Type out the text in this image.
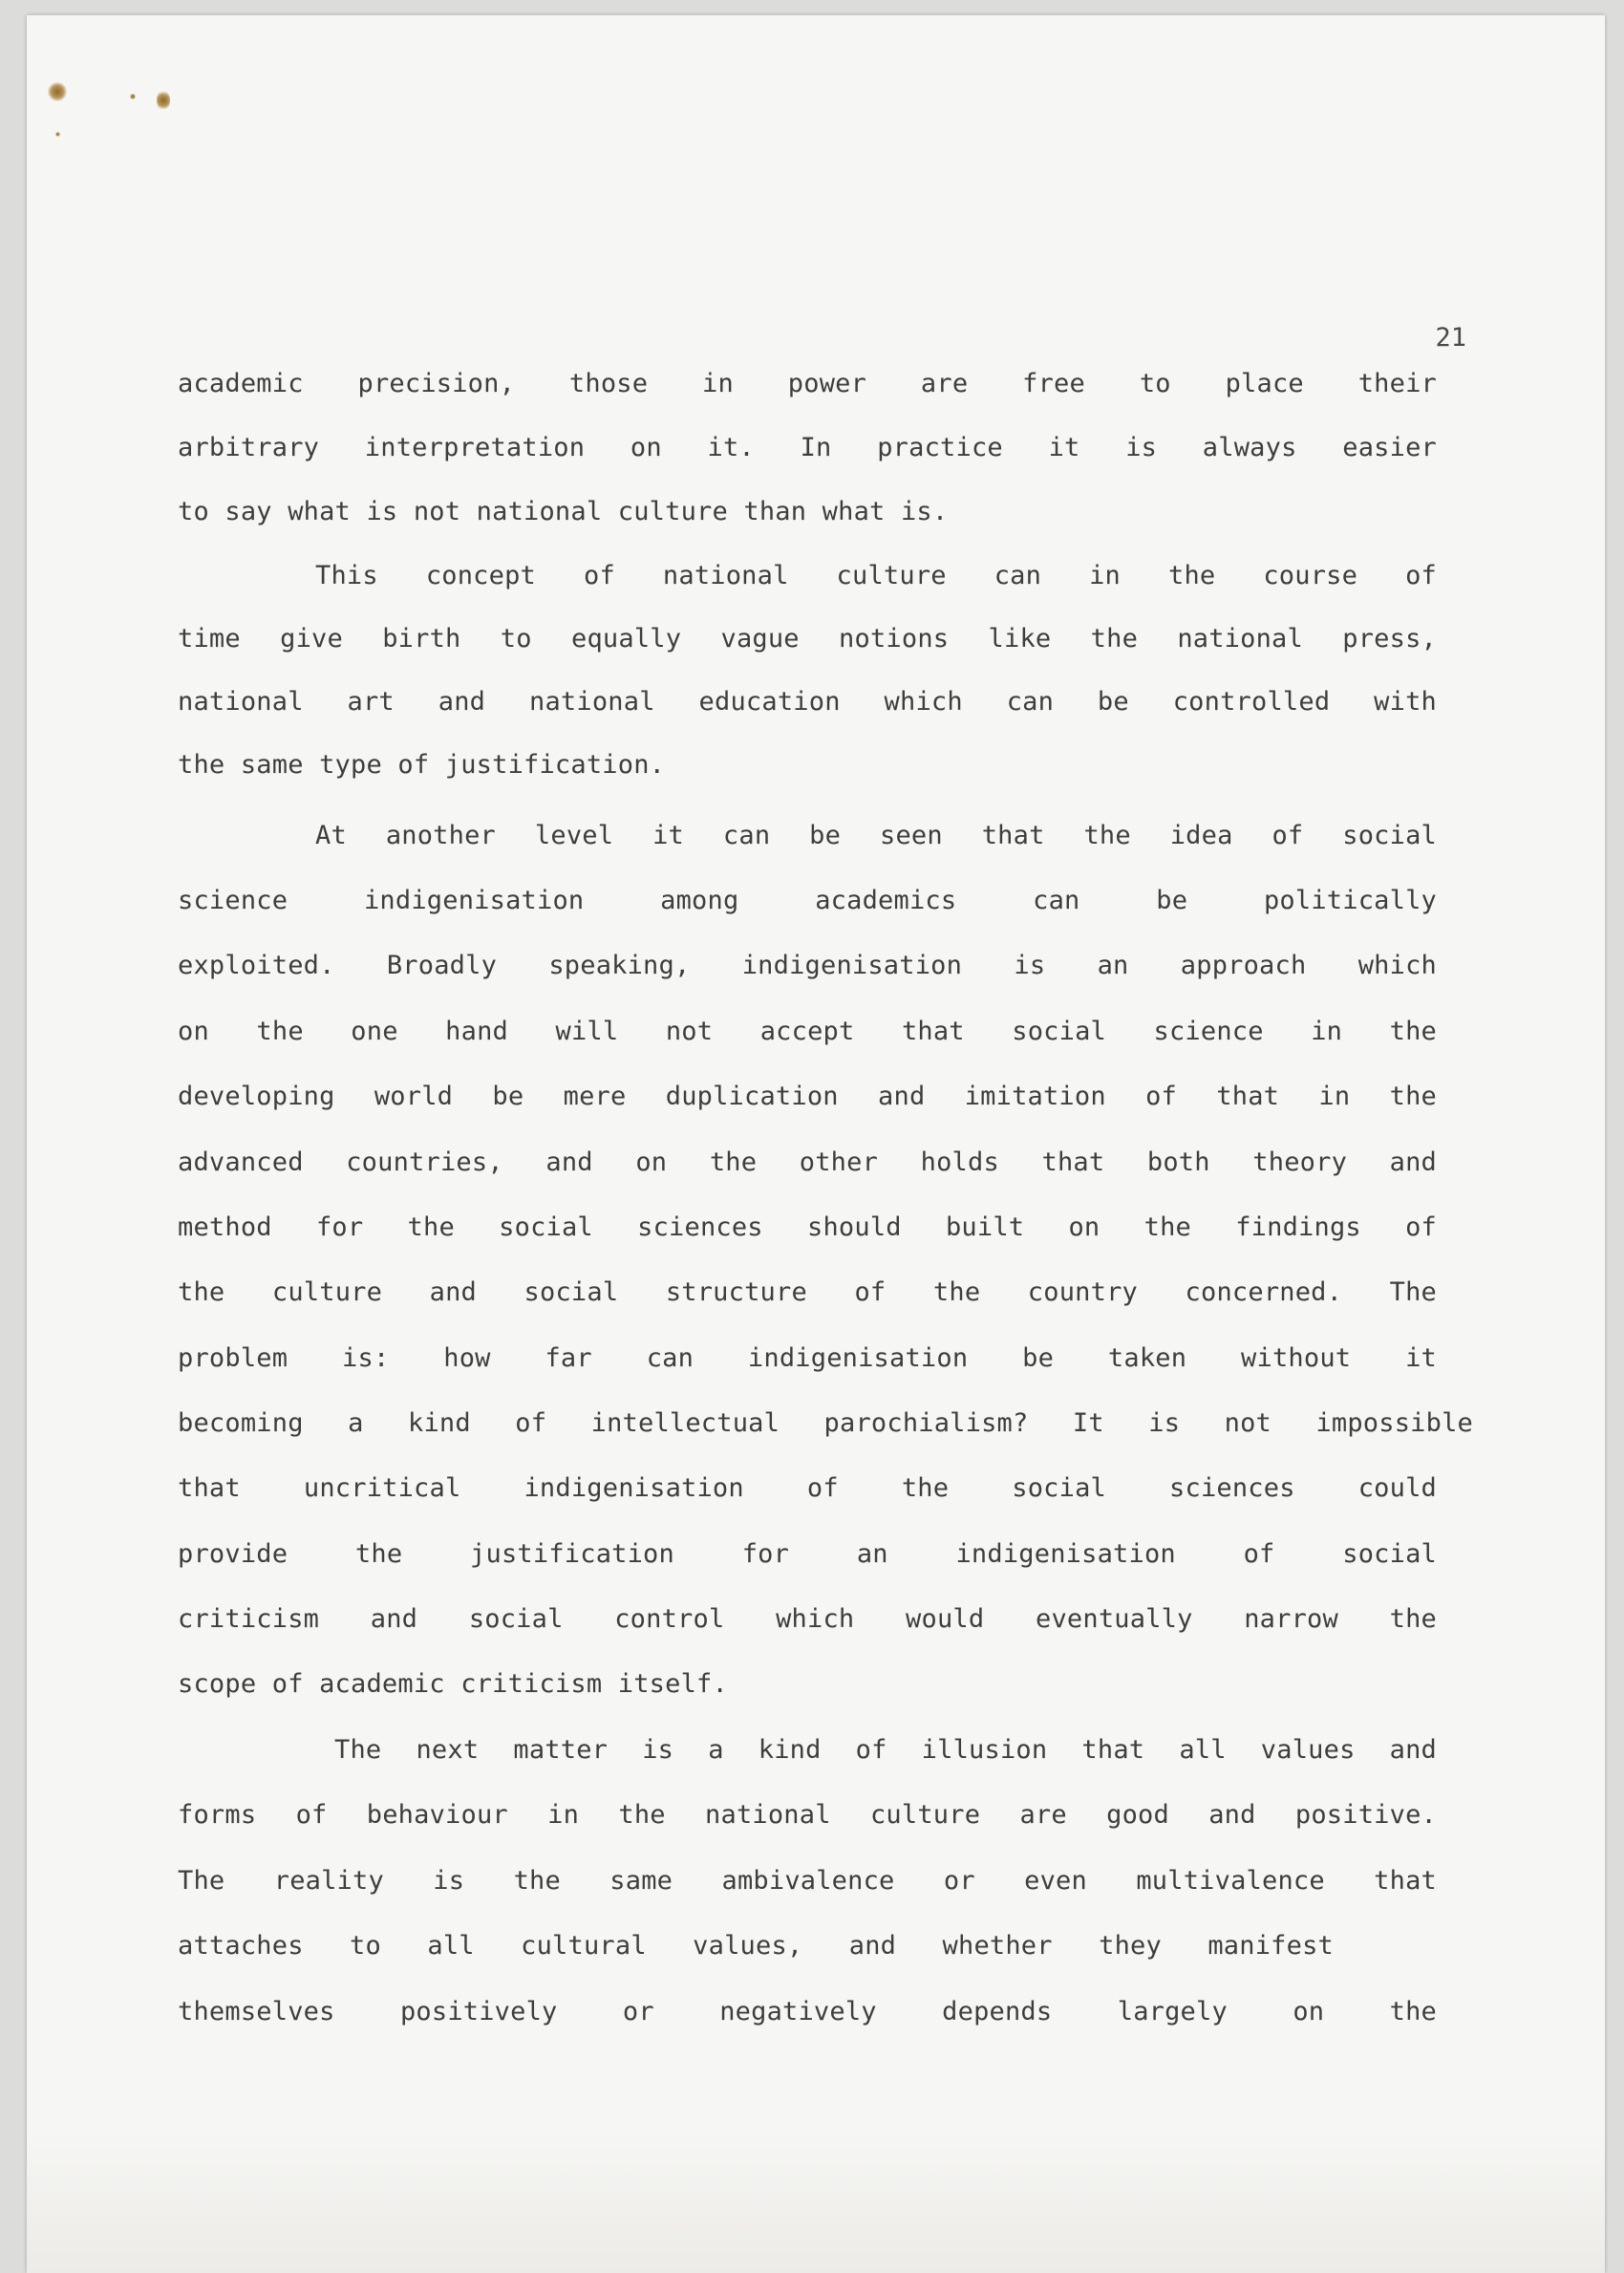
21
academic precision, those in power are free to place their
arbitrary interpretation on it. In practice it is always easier
to say what is not national culture than what is.
This concept of national culture can in the course of
time give birth to equally vague notions like the national press,
national art and national education which can be controlled with
the same type of justification.
At another level it can be seen that the idea of social
science indigenisation among academics can be politically
exploited. Broadly speaking, indigenisation is an approach which
on the one hand will not accept that social science in the
developing world be mere duplication and imitation of that in the
advanced countries, and on the other holds that both theory and
method for the social sciences should built on the findings of
the culture and social structure of the country concerned. The
problem is: how far can indigenisation be taken without it
becoming a kind of intellectual parochialism? It is not impossible
that uncritical indigenisation of the social sciences could
provide the justification for an indigenisation of social
criticism and social control which would eventually narrow the
scope of academic criticism itself.
The next matter is a kind of illusion that all values and
forms of behaviour in the national culture are good and positive.
The reality is the same ambivalence or even multivalence that
attaches to all cultural values, and whether they manifest
themselves positively or negatively depends largely on the
